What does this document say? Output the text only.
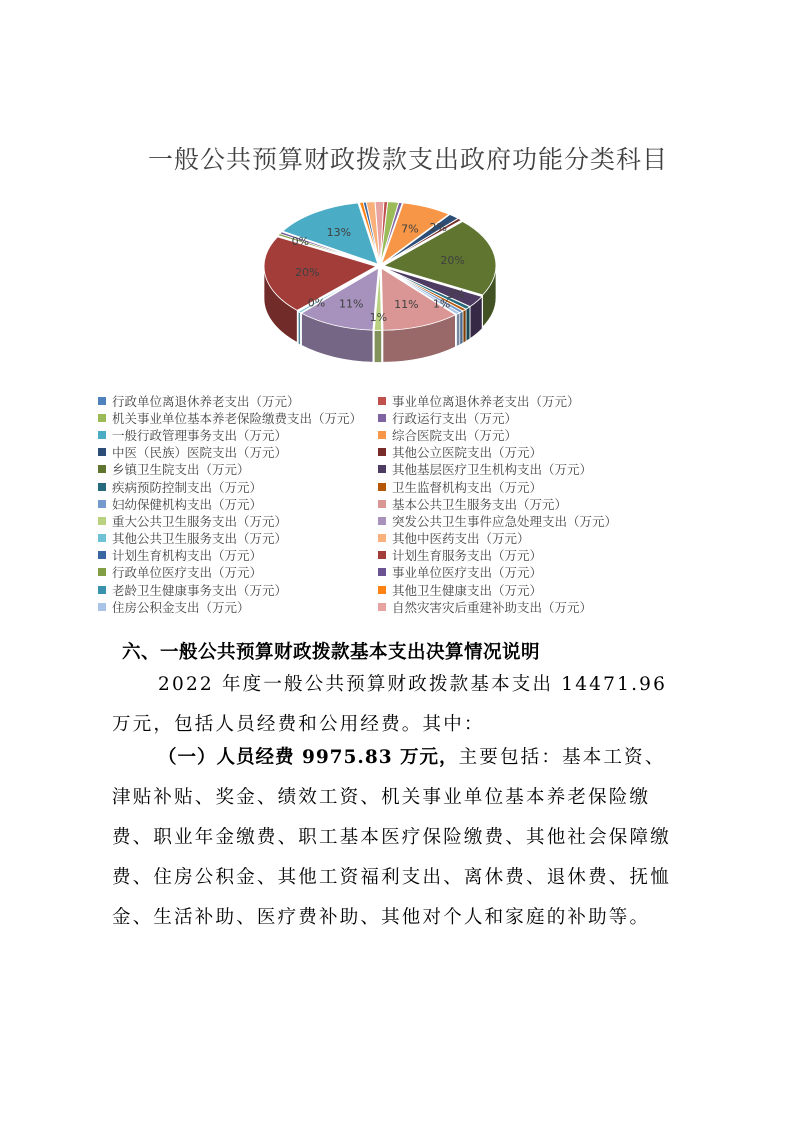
一般公共预算财政拨款支出政府功能分类科目
7% 2%
20%
3%
1%
11%
1%
11%
0%
20%
0%
13%
行政单位离退休养老支出（万元）	事业单位离退休养老支出（万元）
机关事业单位基本养老保险缴费支出（万元） 行政运行支出（万元）
一般行政管理事务支出（万元）	综合医院支出（万元）
中医（民族）医院支出（万元）	其他公立医院支出（万元）
乡镇卫生院支出（万元）	其他基层医疗卫生机构支出（万元）
疾病预防控制支出（万元）	卫生监督机构支出（万元）
妇幼保健机构支出（万元）	基本公共卫生服务支出（万元）
重大公共卫生服务支出（万元）	突发公共卫生事件应急处理支出（万元）
其他公共卫生服务支出（万元）	其他中医药支出（万元）
计划生育机构支出（万元）	计划生育服务支出（万元）
行政单位医疗支出（万元）	事业单位医疗支出（万元）
老龄卫生健康事务支出（万元）	其他卫生健康支出（万元）
住房公积金支出（万元）	自然灾害灾后重建补助支出（万元）
六、一般公共预算财政拨款基本支出决算情况说明
2022 年度一般公共预算财政拨款基本支出 14471.96 万元，包括人员经费和公用经费。其中：
（一）人员经费 9975.83 万元，主要包括：基本工资、津贴补贴、奖金、绩效工资、机关事业单位基本养老保险缴费、职业年金缴费、职工基本医疗保险缴费、其他社会保障缴费、住房公积金、其他工资福利支出、离休费、退休费、抚恤金、生活补助、医疗费补助、其他对个人和家庭的补助等。
